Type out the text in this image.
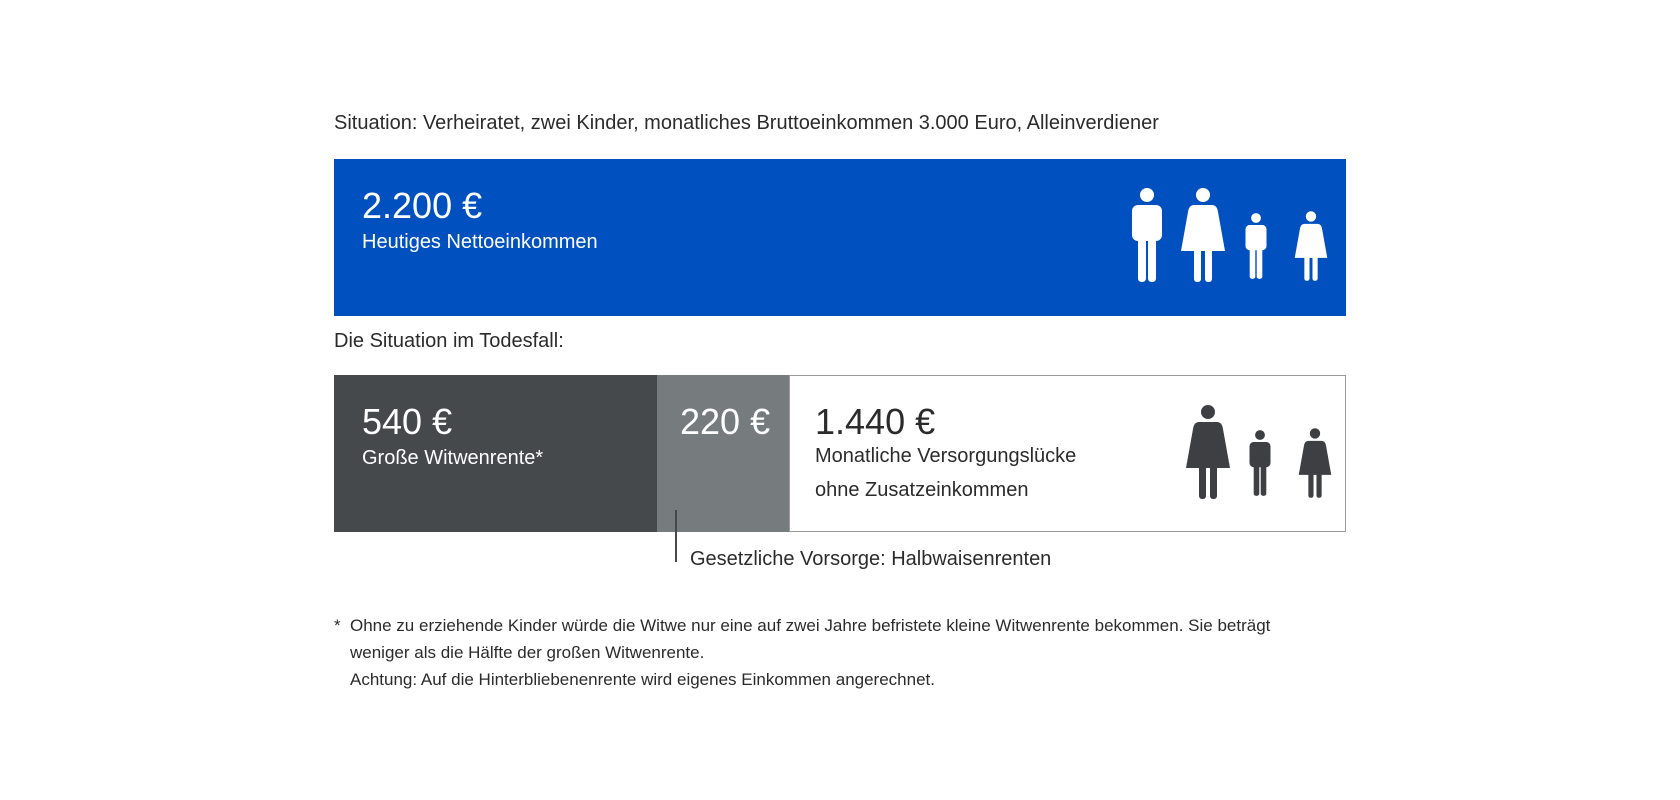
Situation: Verheiratet, zwei Kinder, monatliches Bruttoeinkommen 3.000 Euro, Alleinverdiener
2.200 €
Heutiges Nettoeinkommen
Die Situation im Todesfall:
540 €
Große Witwenrente*
220 € 1.440 €
Monatliche Versorgungslücke
ohne Zusatzeinkommen
Gesetzliche Vorsorge: Halbwaisenrenten
* Ohne zu erziehende Kinder würde die Witwe nur eine auf zwei Jahre befristete kleine Witwenrente bekommen. Sie beträgt
weniger als die Hälfte der großen Witwenrente.
Achtung: Auf die Hinterbliebenenrente wird eigenes Einkommen angerechnet.
